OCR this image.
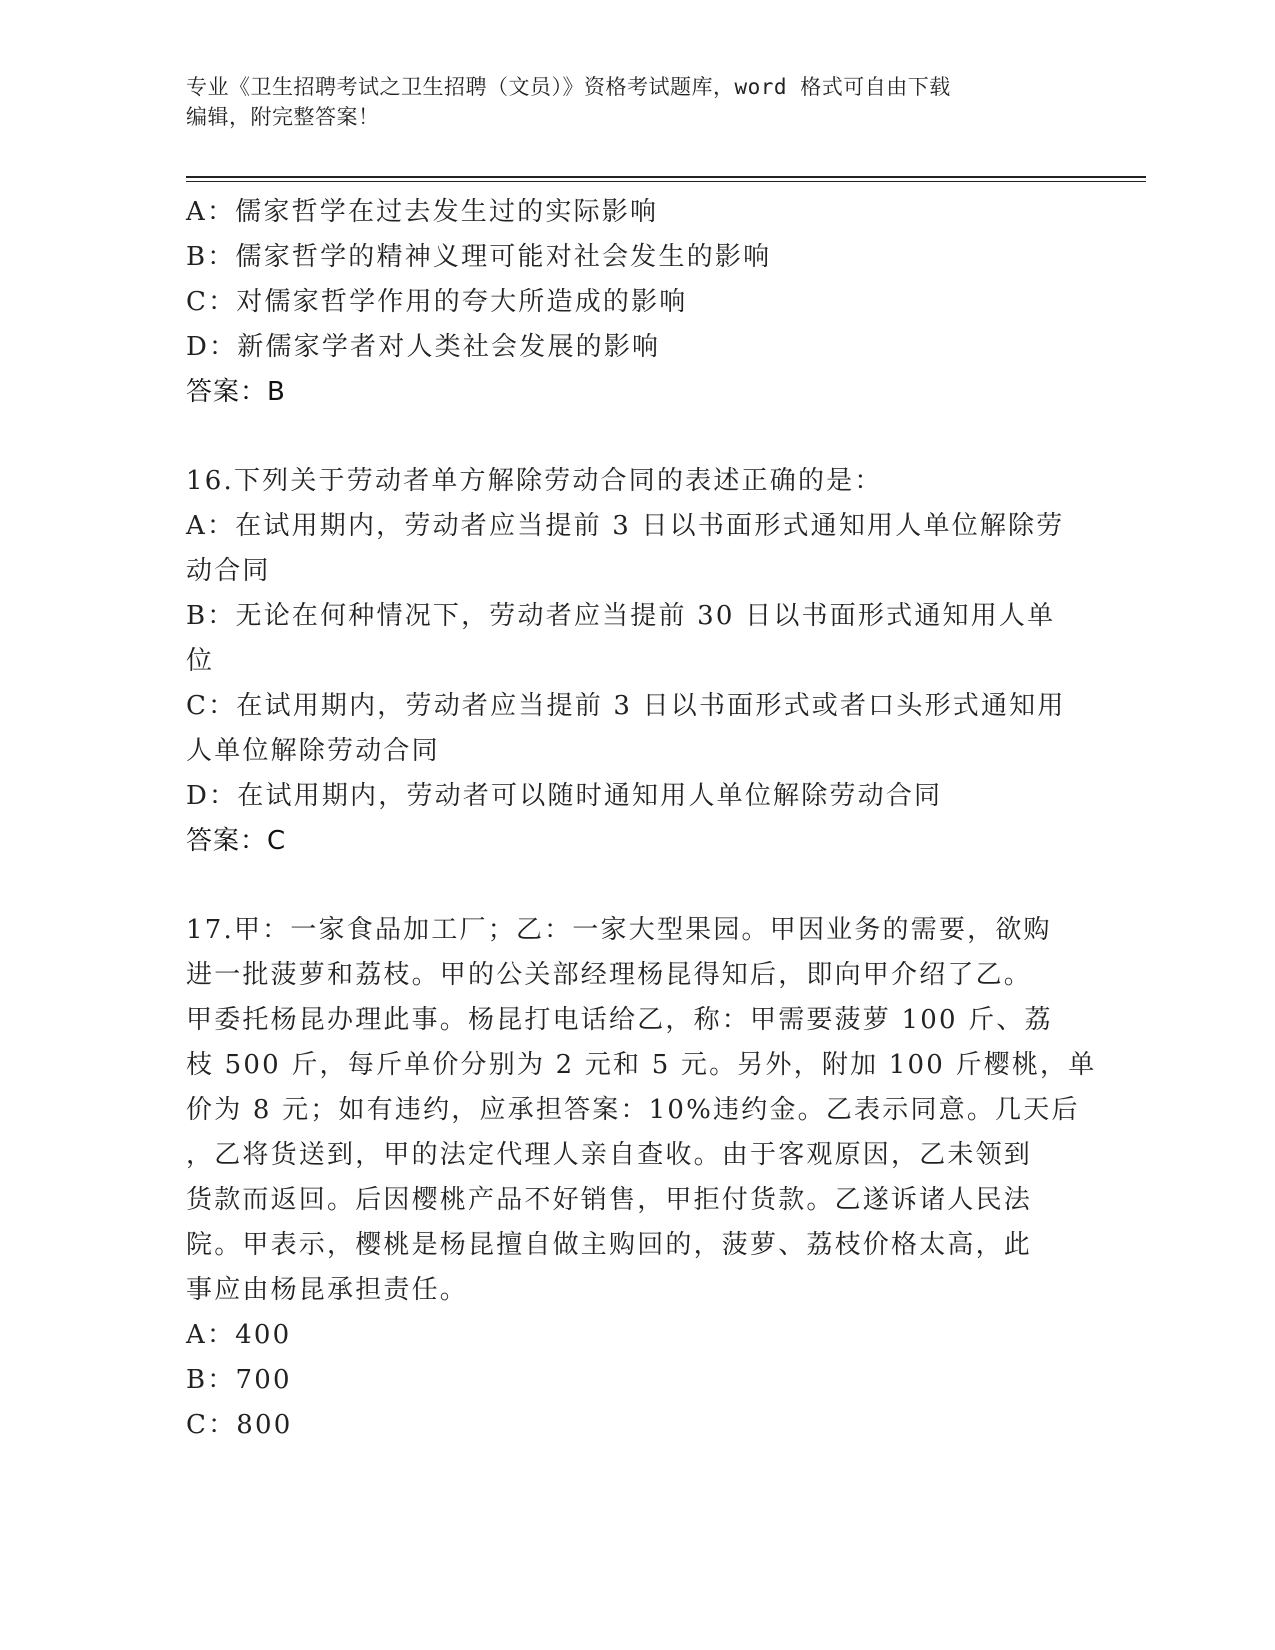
专业《卫生招聘考试之卫生招聘（文员）》资格考试题库，word 格式可自由下载
编辑，附完整答案！
A：儒家哲学在过去发生过的实际影响
B：儒家哲学的精神义理可能对社会发生的影响
C：对儒家哲学作用的夸大所造成的影响
D：新儒家学者对人类社会发展的影响
答案：B
16.下列关于劳动者单方解除劳动合同的表述正确的是：
A：在试用期内，劳动者应当提前 3 日以书面形式通知用人单位解除劳
动合同
B：无论在何种情况下，劳动者应当提前 30 日以书面形式通知用人单
位
C：在试用期内，劳动者应当提前 3 日以书面形式或者口头形式通知用
人单位解除劳动合同
D：在试用期内，劳动者可以随时通知用人单位解除劳动合同
答案：C
17.甲：一家食品加工厂；乙：一家大型果园。甲因业务的需要，欲购
进一批菠萝和荔枝。甲的公关部经理杨昆得知后，即向甲介绍了乙。
甲委托杨昆办理此事。杨昆打电话给乙，称：甲需要菠萝 100 斤、荔
枝 500 斤，每斤单价分别为 2 元和 5 元。另外，附加 100 斤樱桃，单
价为 8 元；如有违约，应承担答案：10%违约金。乙表示同意。几天后
，乙将货送到，甲的法定代理人亲自查收。由于客观原因，乙未领到
货款而返回。后因樱桃产品不好销售，甲拒付货款。乙遂诉诸人民法
院。甲表示，樱桃是杨昆擅自做主购回的，菠萝、荔枝价格太高，此
事应由杨昆承担责任。
A：400
B：700
C：800
